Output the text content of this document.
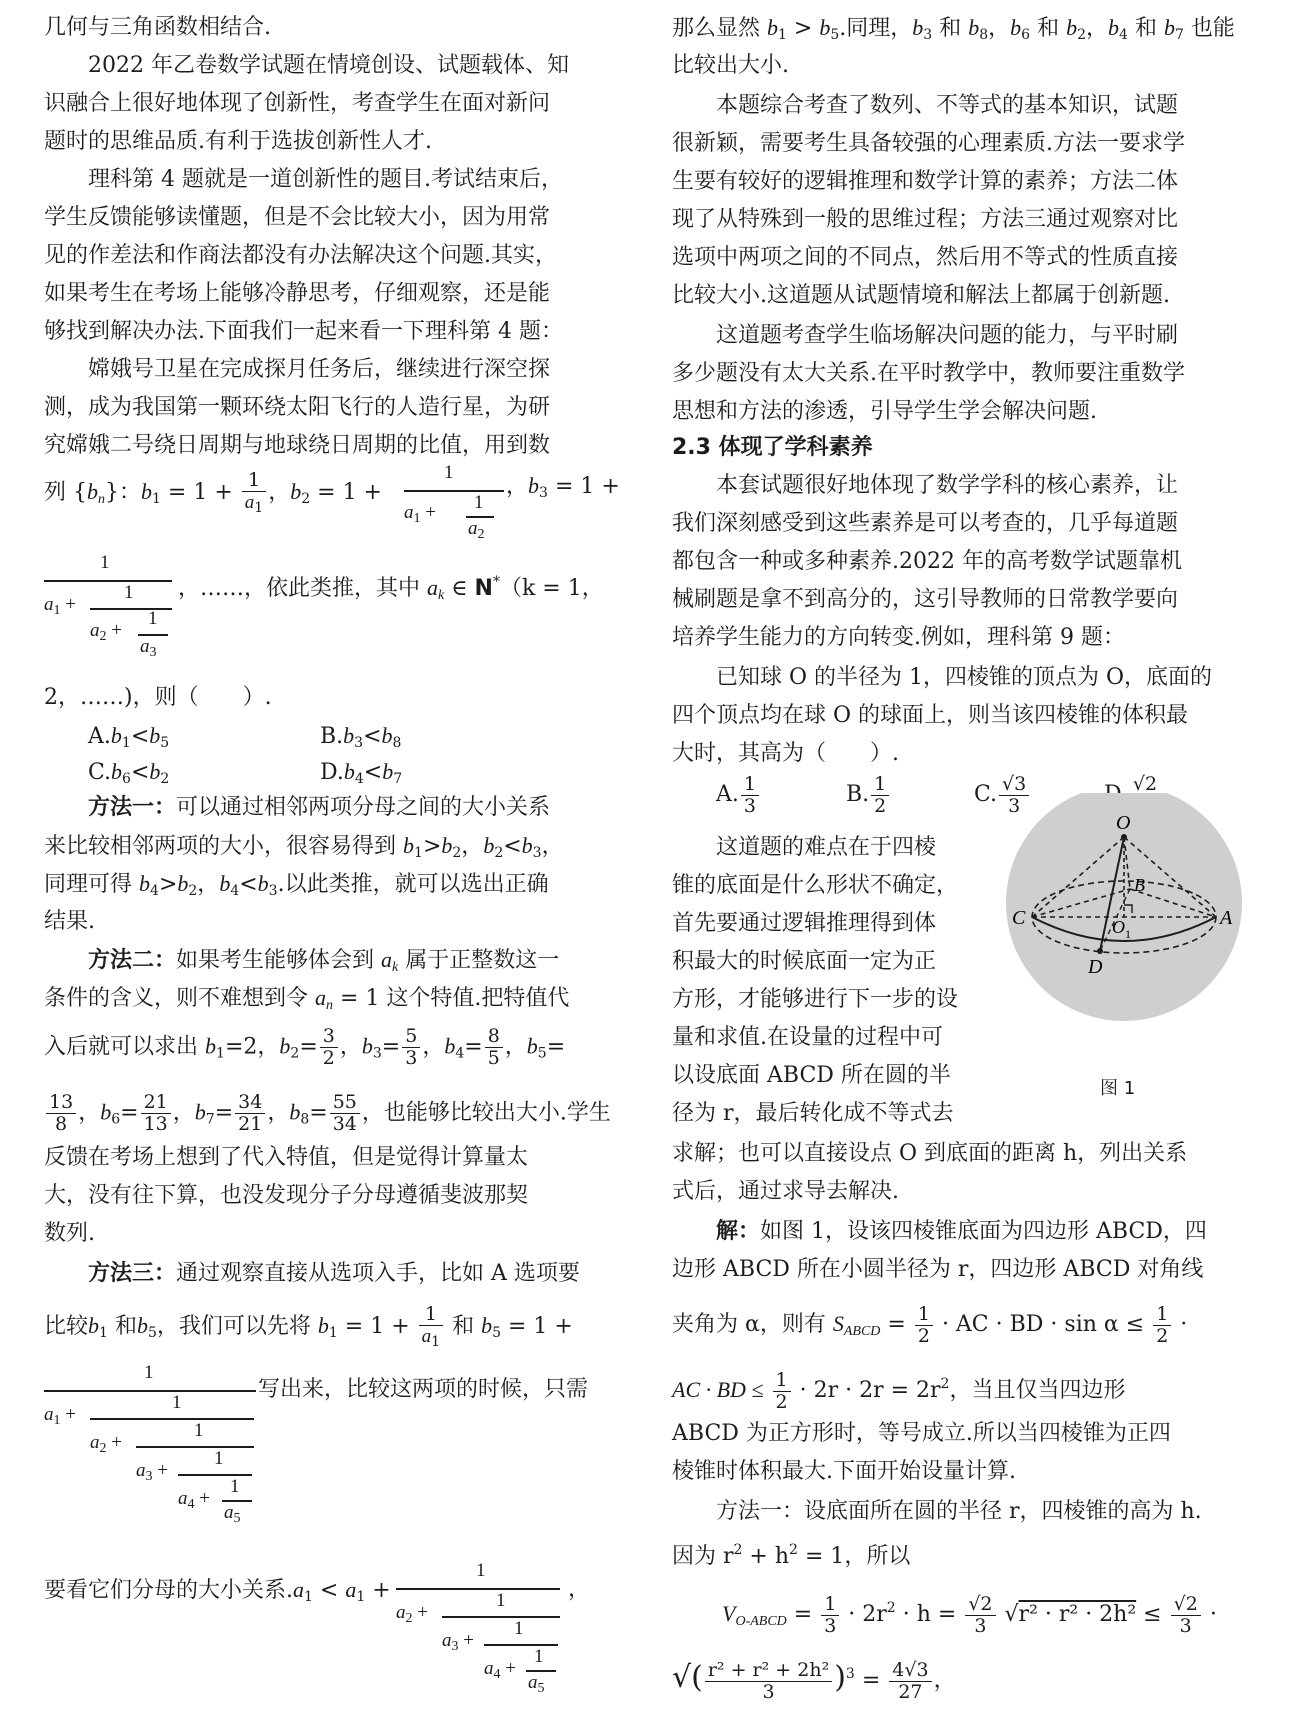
几何与三角函数相结合.
2022 年乙卷数学试题在情境创设、试题载体、知
识融合上很好地体现了创新性，考查学生在面对新问
题时的思维品质.有利于选拔创新性人才.
理科第 4 题就是一道创新性的题目.考试结束后，
学生反馈能够读懂题，但是不会比较大小，因为用常
见的作差法和作商法都没有办法解决这个问题.其实，
如果考生在考场上能够冷静思考，仔细观察，还是能
够找到解决办法.下面我们一起来看一下理科第 4 题：
嫦娥号卫星在完成探月任务后，继续进行深空探
测，成为我国第一颗环绕太阳飞行的人造行星，为研
究嫦娥二号绕日周期与地球绕日周期的比值，用到数
列 $\{b_n\}$：$b_1 = 1 + \frac{1}{a_1}$ ，$b_2 = 1$ +
1
$a_1 + 1$
$a_2$
，$b_3 = 1$ +
1
$a_1$ +
1
$a_2$ +
1
$a_3$
，……，依此类推，其中 $a_k$ ∈ N*（k = 1，
2，……)，则（　　）.
$A.b_1<b_5$	$B.b_3<b_8$
$C.b_6<b_2$	$D.b_4<b_7$
方法一：可以通过相邻两项分母之间的大小关系
来比较相邻两项的大小，很容易得到 $b_1>b_2$，$b_2<b_3$，
同理可得 $b_4>b_2$，$b_4<b_3$.以此类推，就可以选出正确
结果.
方法二：如果考生能够体会到 $a_k$ 属于正整数这一
条件的含义，则不难想到令 $a_n = 1$ 这个特值.把特值代
入后就可以求出 $b_1=2$，$b_2= \frac{3}{2}$ ，$b_3= \frac{5}{3}$ ，$b_4= \frac{8}{5}$ ，$b_5=$
$\frac{13}{8}$ ，$b_6= \frac{21}{13}$ ，$b_7= \frac{34}{21}$ ，$b_8= \frac{55}{34}$ ，也能够比较出大小.学生
反馈在考场上想到了代入特值，但是觉得计算量太
大，没有往下算，也没发现分子分母遵循斐波那契
数列.
方法三：通过观察直接从选项入手，比如 A 选项要
比较$b_1$ 和$b_5$，我们可以先将 $b_1 = 1 + \frac{1}{a_1}$ 和 $b_5 = 1$ +
1
$a_1$ +
1
$a_2$ +
1
$a_3$ +
1
$a_4$ +
1
$a_5$
写出来，比较这两项的时候，只需
要看它们分母的大小关系$.a_1 < a_1$ +
1
$a_2$ +
1
$a_3$ +
1
$a_4$ +
1
$a_5$
，
那么显然 $b_1 > b_5$.同理，$b_3$ 和 $b_8$，$b_6$ 和 $b_2$，$b_4$ 和 $b_7$ 也能
比较出大小.
本题综合考查了数列、不等式的基本知识，试题
很新颖，需要考生具备较强的心理素质.方法一要求学
生要有较好的逻辑推理和数学计算的素养；方法二体
现了从特殊到一般的思维过程；方法三通过观察对比
选项中两项之间的不同点，然后用不等式的性质直接
比较大小.这道题从试题情境和解法上都属于创新题.
这道题考查学生临场解决问题的能力，与平时刷
多少题没有太大关系.在平时教学中，教师要注重数学
思想和方法的渗透，引导学生学会解决问题.
2.3 体现了学科素养
本套试题很好地体现了数学学科的核心素养，让
我们深刻感受到这些素养是可以考查的，几乎每道题
都包含一种或多种素养.2022 年的高考数学试题靠机
械刷题是拿不到高分的，这引导教师的日常教学要向
培养学生能力的方向转变.例如，理科第 9 题：
已知球 O 的半径为 1，四棱锥的顶点为 O，底面的
四个顶点均在球 O 的球面上，则当该四棱锥的体积最
大时，其高为（　　）.
A. $\frac{1}{3}$	B. $\frac{1}{2}$	C. $\frac{√3}{3}$	√2
这道题的难点在于四棱
锥的底面是什么形状不确定，
首先要通过逻辑推理得到体
积最大的时候底面一定为正
方形，才能够进行下一步的设
量和求值.在设量的过程中可
以设底面 ABCD 所在圆的半
径为 r，最后转化成不等式去
求解；也可以直接设点 O 到底面的距离 h，列出关系
式后，通过求导去解决.
解：如图 1，设该四棱锥底面为四边形 ABCD，四
边形 ABCD 所在小圆半径为 r，四边形 ABCD 对角线
夹角为 α，则有 $S_{ABCD} = \frac{1}{2}$ · AC · BD · $\sin \alpha \le \frac{1}{2}$ ·
AC · BD ≤ $\frac{1}{2} \cdot 2r \cdot 2r = 2r^2$，当且仅当四边形
ABCD 为正方形时，等号成立.所以当四棱锥为正四
棱锥时体积最大.下面开始设量计算.
方法一：设底面所在圆的半径 r，四棱锥的高为 h.
因为 $r^2 + h^2 = 1$，所以
$V_{O-ABCD} = \frac{1}{3} \cdot 2r^2 \cdot h = \frac{√2}{3} √r^2 \cdot r^2 \cdot 2h^2 \le \frac{√2}{3}$ ·
√( $\frac{\text{r² + r² + 2h²}}{3} )^3 = \frac{4√3}{27}$ ，
O
B
C	A
D
O 1
图 1
